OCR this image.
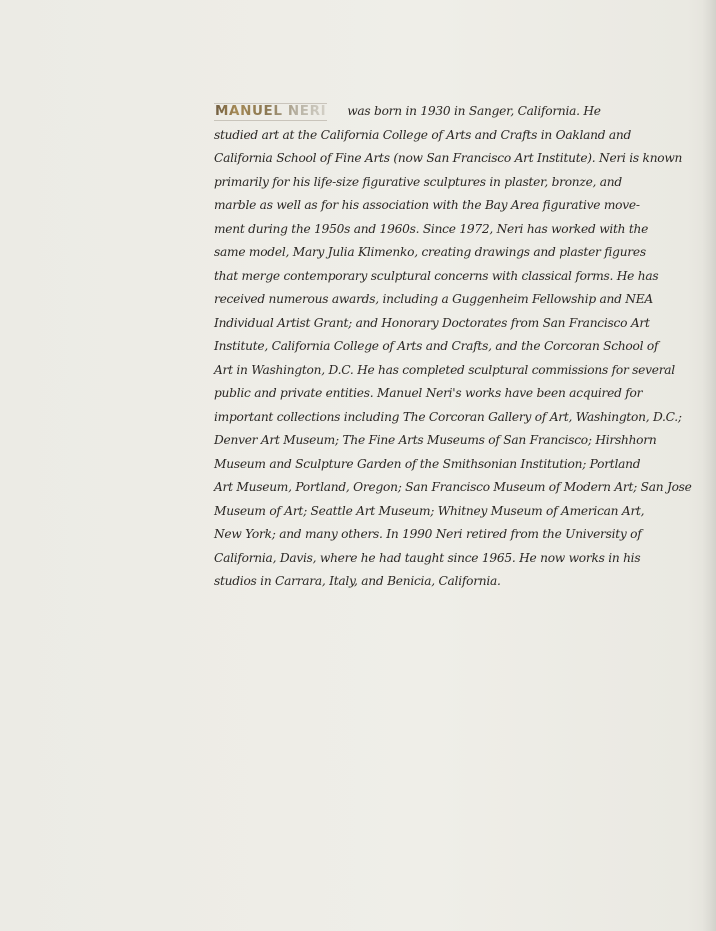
MANUEL NERI was born in 1930 in Sanger, California. He
studied art at the California College of Arts and Crafts in Oakland and
California School of Fine Arts (now San Francisco Art Institute). Neri is known
primarily for his life-size figurative sculptures in plaster, bronze, and
marble as well as for his association with the Bay Area figurative move-
ment during the 1950s and 1960s. Since 1972, Neri has worked with the
same model, Mary Julia Klimenko, creating drawings and plaster figures
that merge contemporary sculptural concerns with classical forms. He has
received numerous awards, including a Guggenheim Fellowship and NEA
Individual Artist Grant; and Honorary Doctorates from San Francisco Art
Institute, California College of Arts and Crafts, and the Corcoran School of
Art in Washington, D.C. He has completed sculptural commissions for several
public and private entities. Manuel Neri's works have been acquired for
important collections including The Corcoran Gallery of Art, Washington, D.C.;
Denver Art Museum; The Fine Arts Museums of San Francisco; Hirshhorn
Museum and Sculpture Garden of the Smithsonian Institution; Portland
Art Museum, Portland, Oregon; San Francisco Museum of Modern Art; San Jose
Museum of Art; Seattle Art Museum; Whitney Museum of American Art,
New York; and many others. In 1990 Neri retired from the University of
California, Davis, where he had taught since 1965. He now works in his
studios in Carrara, Italy, and Benicia, California.
